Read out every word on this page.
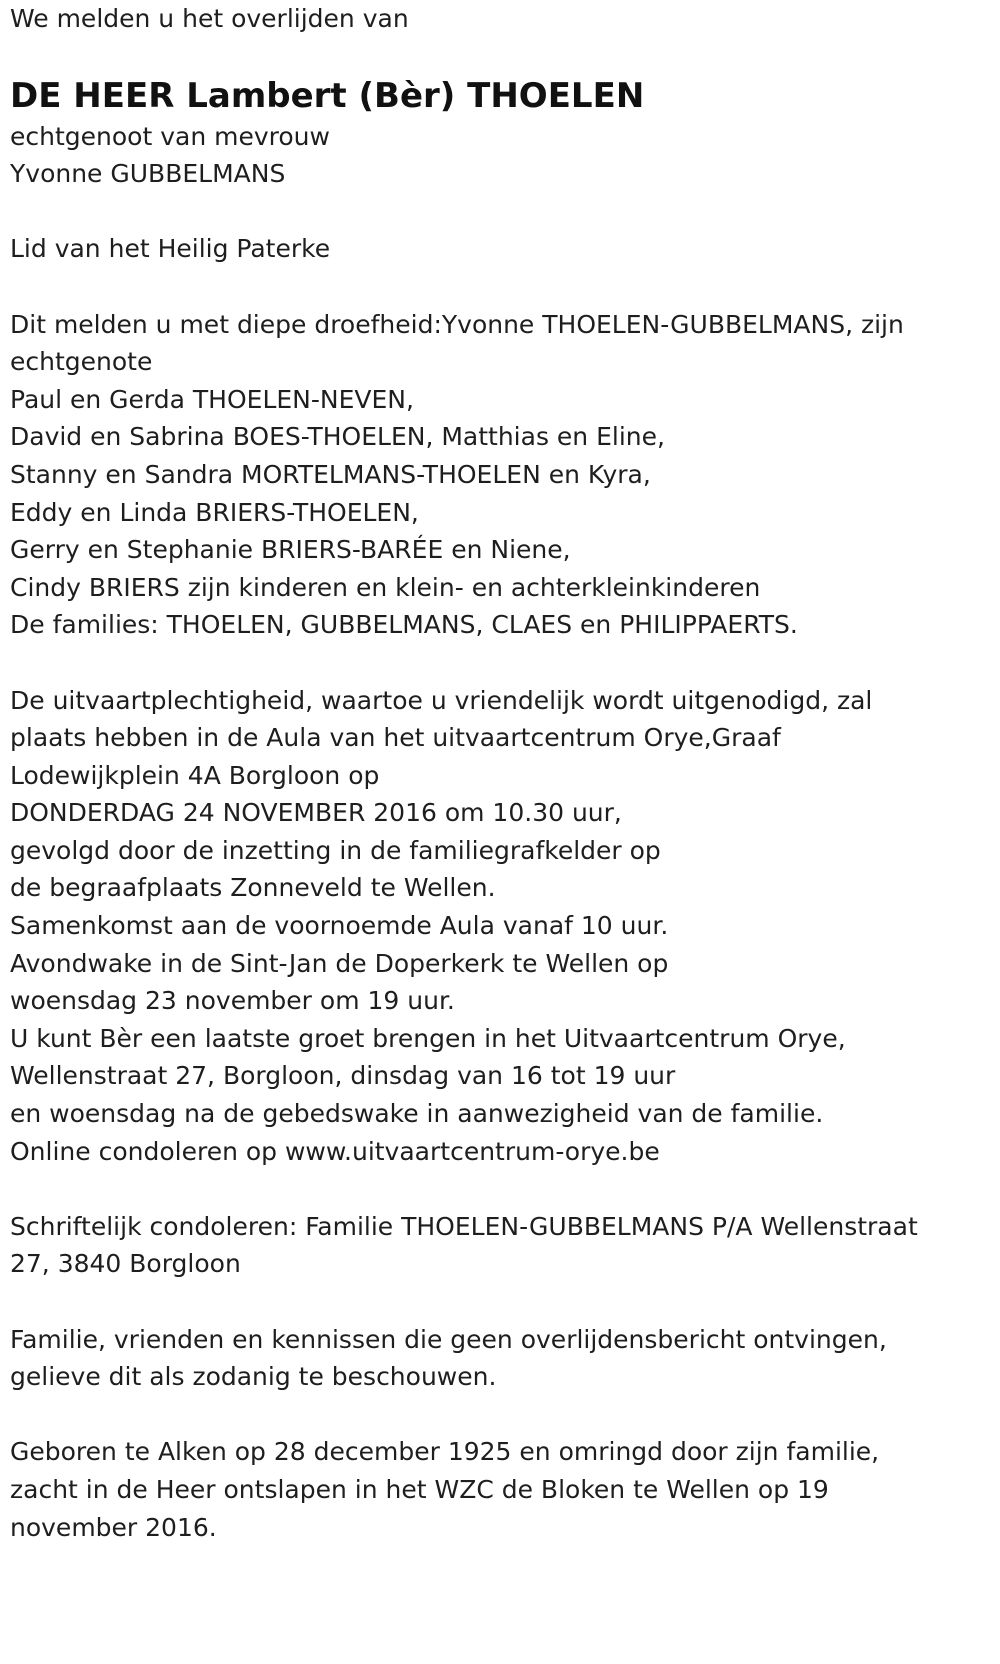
We melden u het overlijden van

DE HEER Lambert (Bèr) THOELEN
echtgenoot van mevrouw
Yvonne GUBBELMANS
Lid van het Heilig Paterke
Dit melden u met diepe droefheid:Yvonne THOELEN-GUBBELMANS, zijn
echtgenote
Paul en Gerda THOELEN-NEVEN,
David en Sabrina BOES-THOELEN, Matthias en Eline,
Stanny en Sandra MORTELMANS-THOELEN en Kyra,
Eddy en Linda BRIERS-THOELEN,
Gerry en Stephanie BRIERS-BARÉE en Niene,
Cindy BRIERS zijn kinderen en klein- en achterkleinkinderen
De families: THOELEN, GUBBELMANS, CLAES en PHILIPPAERTS.
De uitvaartplechtigheid, waartoe u vriendelijk wordt uitgenodigd, zal
plaats hebben in de Aula van het uitvaartcentrum Orye,Graaf
Lodewijkplein 4A Borgloon op
DONDERDAG 24 NOVEMBER 2016 om 10.30 uur,
gevolgd door de inzetting in de familiegrafkelder op
de begraafplaats Zonneveld te Wellen.
Samenkomst aan de voornoemde Aula vanaf 10 uur.
Avondwake in de Sint-Jan de Doperkerk te Wellen op
woensdag 23 november om 19 uur.
U kunt Bèr een laatste groet brengen in het Uitvaartcentrum Orye,
Wellenstraat 27, Borgloon, dinsdag van 16 tot 19 uur
en woensdag na de gebedswake in aanwezigheid van de familie.
Online condoleren op www.uitvaartcentrum-orye.be
Schriftelijk condoleren: Familie THOELEN-GUBBELMANS P/A Wellenstraat
27, 3840 Borgloon
Familie, vrienden en kennissen die geen overlijdensbericht ontvingen,
gelieve dit als zodanig te beschouwen.
Geboren te Alken op 28 december 1925 en omringd door zijn familie,
zacht in de Heer ontslapen in het WZC de Bloken te Wellen op 19
november 2016.
